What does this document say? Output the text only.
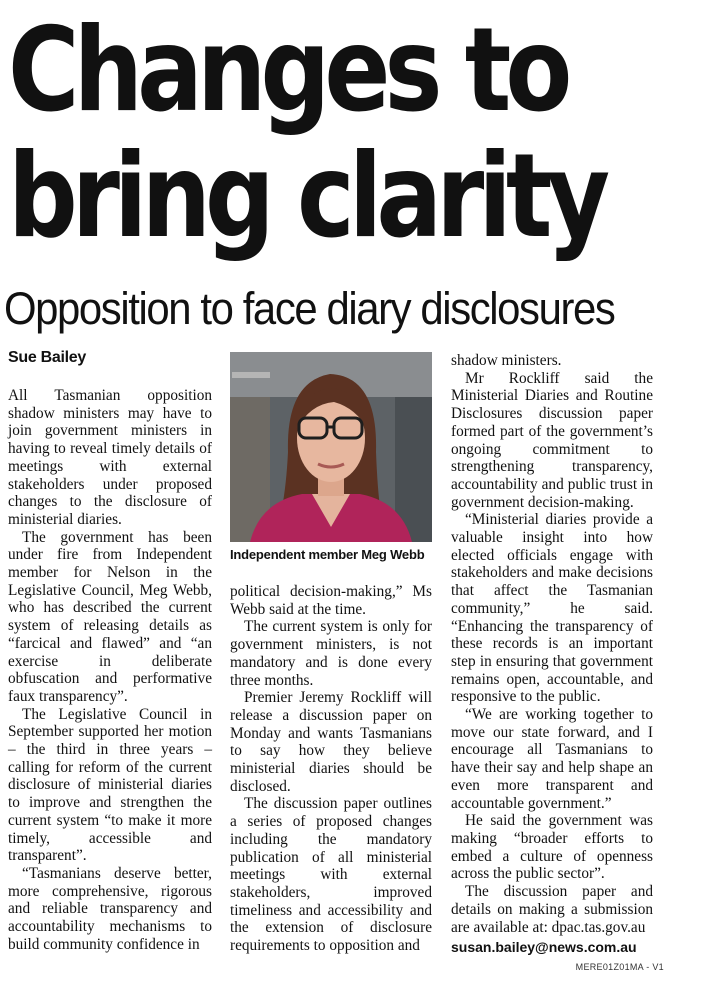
Changes to
bring clarity
Opposition to face diary disclosures
Sue Bailey

All Tasmanian opposition shadow ministers may have to join government ministers in having to reveal timely details of meetings with external stakeholders under proposed changes to the disclosure of ministerial diaries.

The government has been under fire from Independent member for Nelson in the Legislative Council, Meg Webb, who has described the current system of releasing details as “farcical and flawed” and “an exercise in deliberate obfuscation and performative faux transparency”.

The Legislative Council in September supported her motion – the third in three years – calling for reform of the current disclosure of ministerial diaries to improve and strengthen the current system “to make it more timely, accessible and transparent”.

“Tasmanians deserve better, more comprehensive, rigorous and reliable transparency and accountability mechanisms to build community confidence in

Independent member Meg Webb

political decision-making,” Ms Webb said at the time.

The current system is only for government ministers, is not mandatory and is done every three months.

Premier Jeremy Rockliff will release a discussion paper on Monday and wants Tasmanians to say how they believe ministerial diaries should be disclosed.

The discussion paper outlines a series of proposed changes including the mandatory publication of all ministerial meetings with external stakeholders, improved timeliness and accessibility and the extension of disclosure requirements to opposition and

shadow ministers.

Mr Rockliff said the Ministerial Diaries and Routine Disclosures discussion paper formed part of the government’s ongoing commitment to strengthening transparency, accountability and public trust in government decision-making.

“Ministerial diaries provide a valuable insight into how elected officials engage with stakeholders and make decisions that affect the Tasmanian community,” he said. “Enhancing the transparency of these records is an important step in ensuring that government remains open, accountable, and responsive to the public.

“We are working together to move our state forward, and I encourage all Tasmanians to have their say and help shape an even more transparent and accountable government.”

He said the government was making “broader efforts to embed a culture of openness across the public sector”.

The discussion paper and details on making a submission are available at: dpac.tas.gov.au

susan.bailey@news.com.au

MERE01Z01MA - V1
